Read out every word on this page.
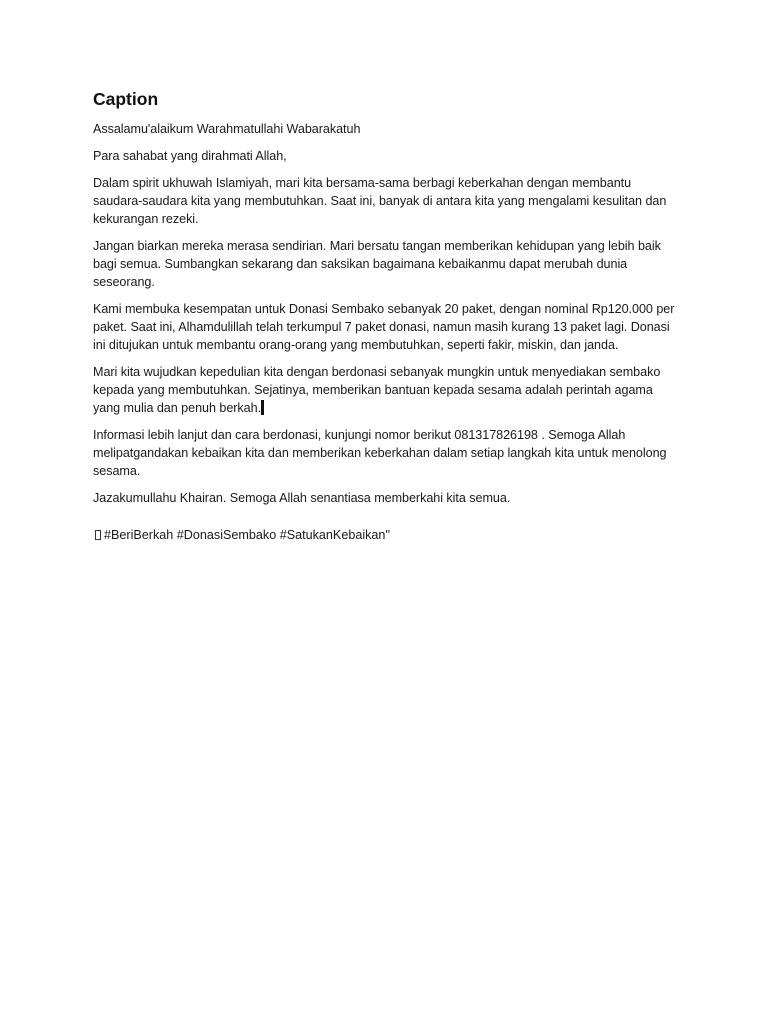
Caption

Assalamu'alaikum Warahmatullahi Wabarakatuh

Para sahabat yang dirahmati Allah,

Dalam spirit ukhuwah Islamiyah, mari kita bersama-sama berbagi keberkahan dengan membantu saudara-saudara kita yang membutuhkan. Saat ini, banyak di antara kita yang mengalami kesulitan dan kekurangan rezeki.

Jangan biarkan mereka merasa sendirian. Mari bersatu tangan memberikan kehidupan yang lebih baik bagi semua. Sumbangkan sekarang dan saksikan bagaimana kebaikanmu dapat merubah dunia seseorang.

Kami membuka kesempatan untuk Donasi Sembako sebanyak 20 paket, dengan nominal Rp120.000 per paket. Saat ini, Alhamdulillah telah terkumpul 7 paket donasi, namun masih kurang 13 paket lagi. Donasi ini ditujukan untuk membantu orang-orang yang membutuhkan, seperti fakir, miskin, dan janda.

Mari kita wujudkan kepedulian kita dengan berdonasi sebanyak mungkin untuk menyediakan sembako kepada yang membutuhkan. Sejatinya, memberikan bantuan kepada sesama adalah perintah agama yang mulia dan penuh berkah.

Informasi lebih lanjut dan cara berdonasi, kunjungi nomor berikut 081317826198 . Semoga Allah melipatgandakan kebaikan kita dan memberikan keberkahan dalam setiap langkah kita untuk menolong sesama.

Jazakumullahu Khairan. Semoga Allah senantiasa memberkahi kita semua.

#BeriBerkah #DonasiSembako #SatukanKebaikan"
